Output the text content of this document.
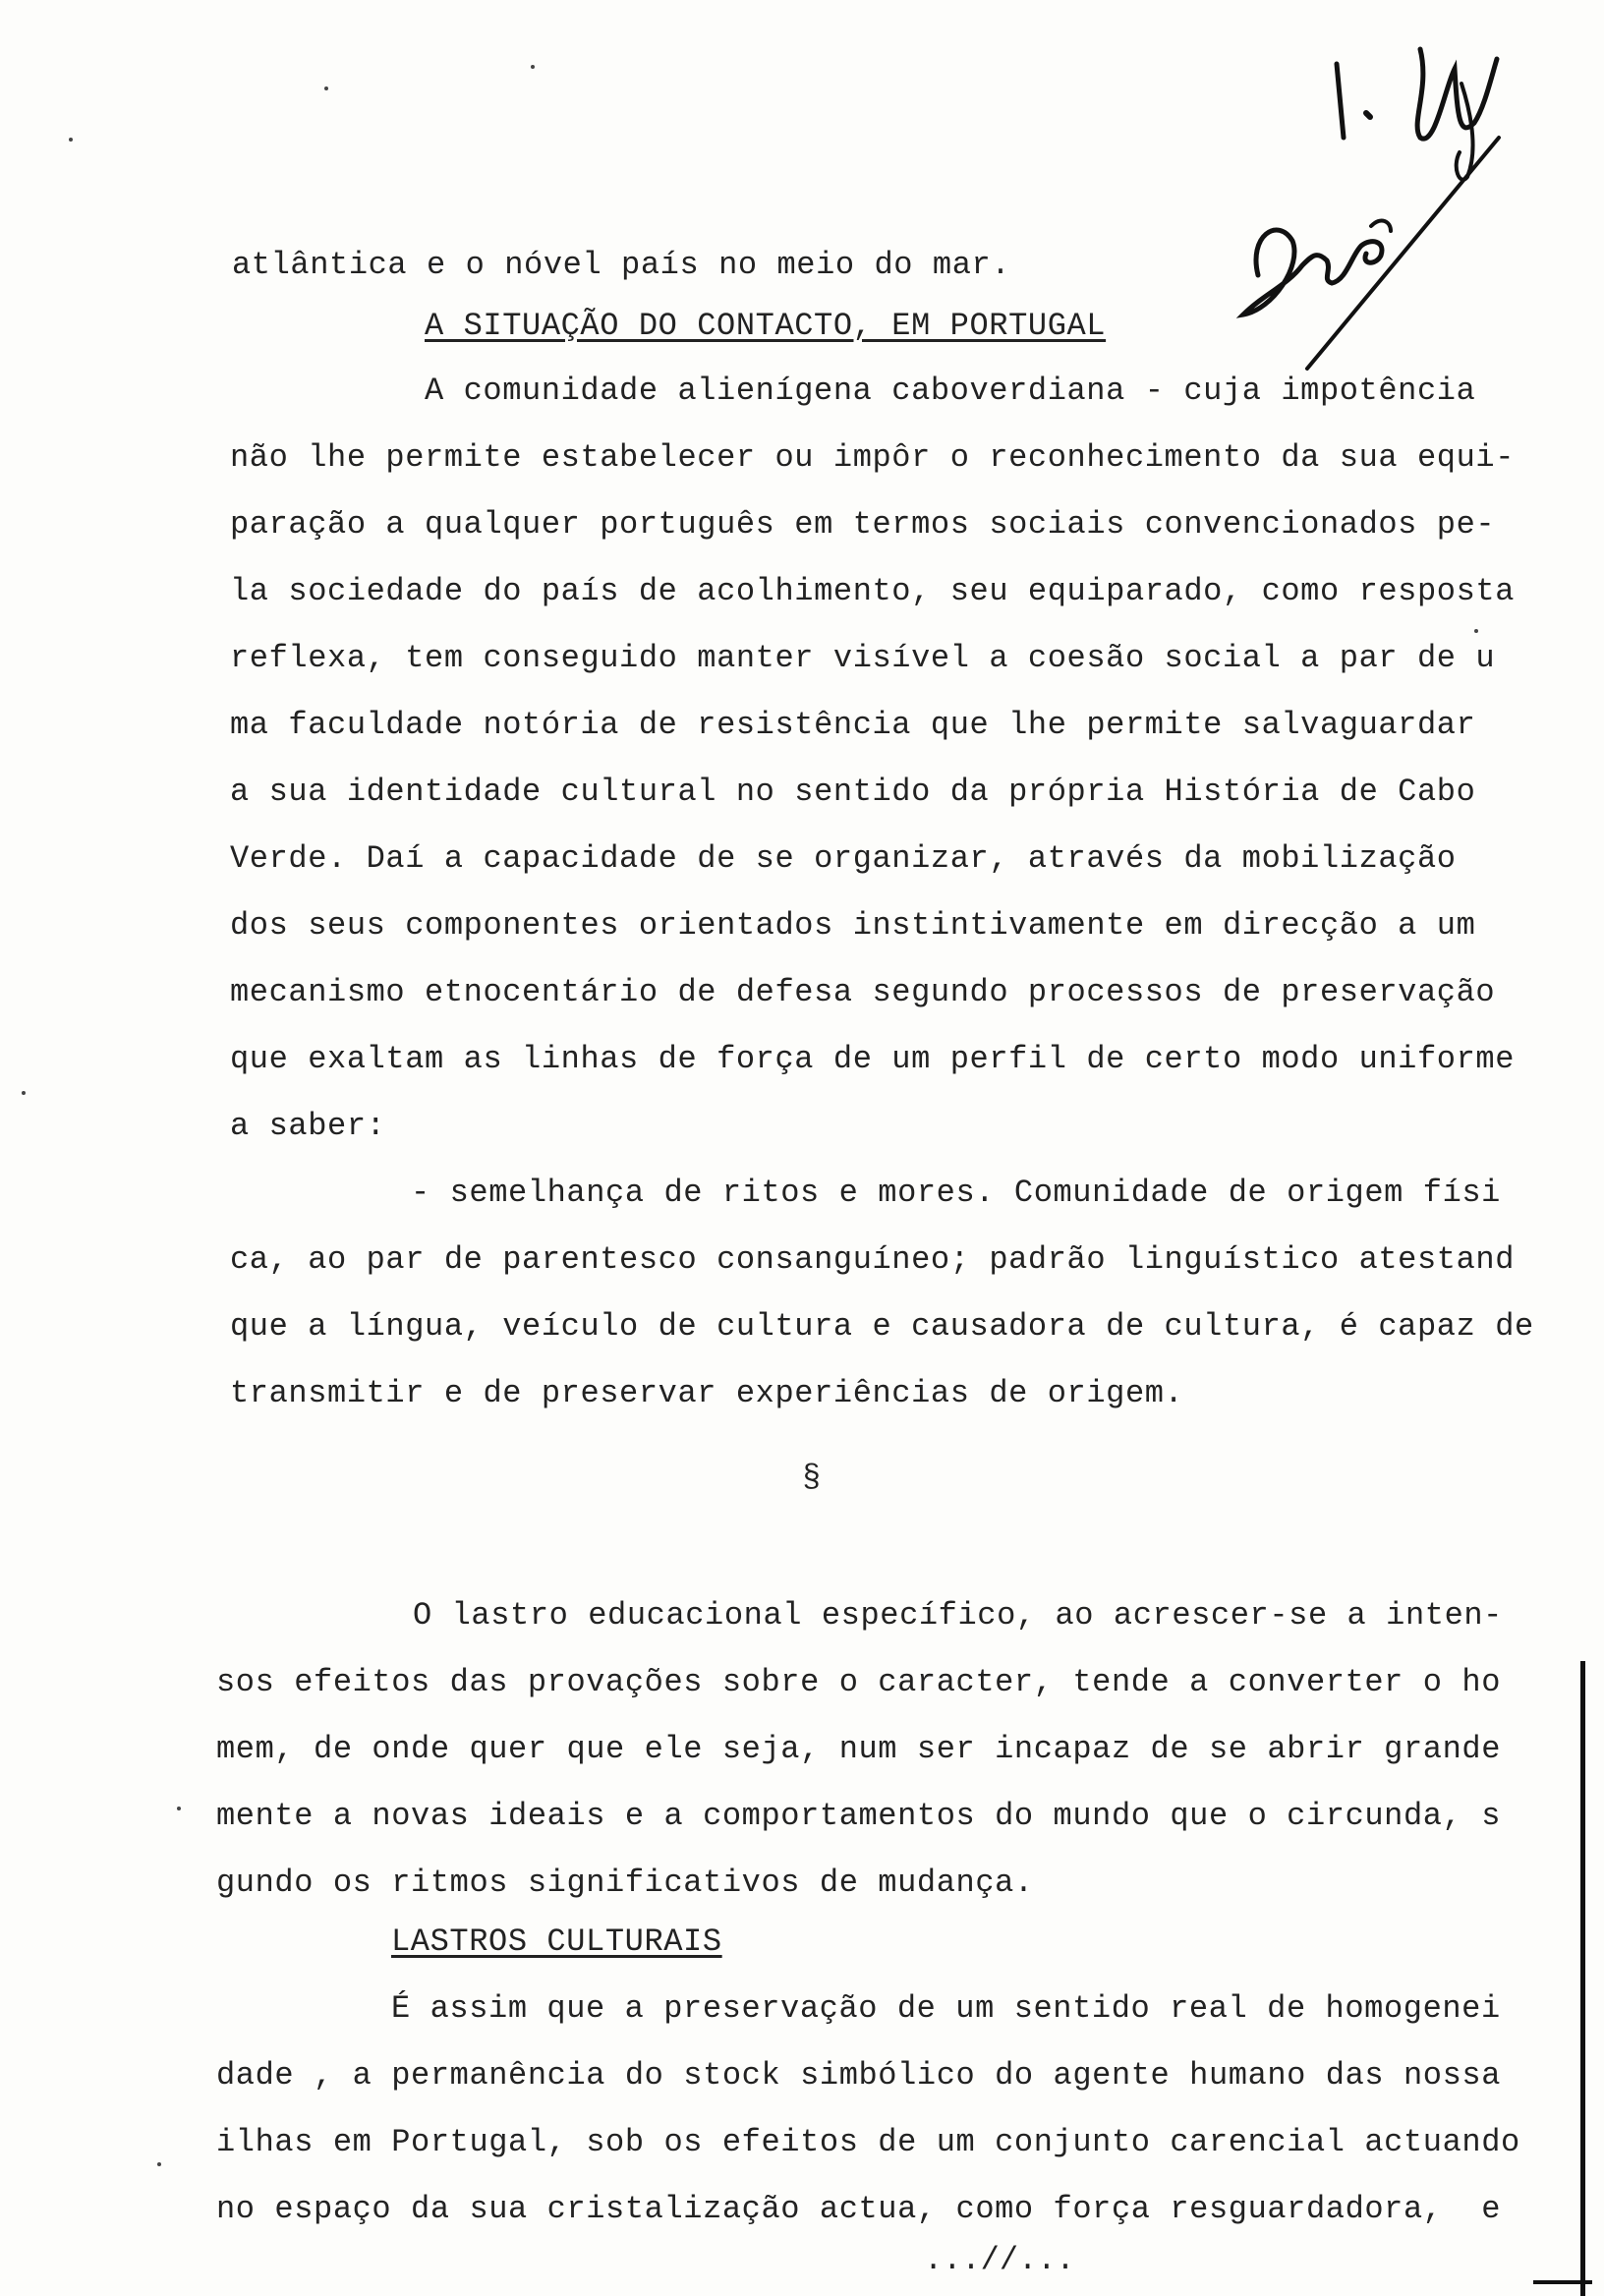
atlântica e o nóvel país no meio do mar.
A SITUAÇÃO DO CONTACTO, EM PORTUGAL
A comunidade alienígena caboverdiana - cuja impotência
não lhe permite estabelecer ou impôr o reconhecimento da sua equi-
paração a qualquer português em termos sociais convencionados pe-
la sociedade do país de acolhimento, seu equiparado, como resposta
reflexa, tem conseguido manter visível a coesão social a par de u
ma faculdade notória de resistência que lhe permite salvaguardar
a sua identidade cultural no sentido da própria História de Cabo
Verde. Daí a capacidade de se organizar, através da mobilização
dos seus componentes orientados instintivamente em direcção a um
mecanismo etnocentário de defesa segundo processos de preservação
que exaltam as linhas de força de um perfil de certo modo uniforme
a saber:
- semelhança de ritos e mores. Comunidade de origem físi
ca, ao par de parentesco consanguíneo; padrão linguístico atestand
que a língua, veículo de cultura e causadora de cultura, é capaz de
transmitir e de preservar experiências de origem.
§
O lastro educacional específico, ao acrescer-se a inten-
sos efeitos das provações sobre o caracter, tende a converter o ho
mem, de onde quer que ele seja, num ser incapaz de se abrir grande
mente a novas ideais e a comportamentos do mundo que o circunda, s
gundo os ritmos significativos de mudança.
LASTROS CULTURAIS
É assim que a preservação de um sentido real de homogenei
dade , a permanência do stock simbólico do agente humano das nossa
ilhas em Portugal, sob os efeitos de um conjunto carencial actuando
no espaço da sua cristalização actua, como força resguardadora,  e
...//...
